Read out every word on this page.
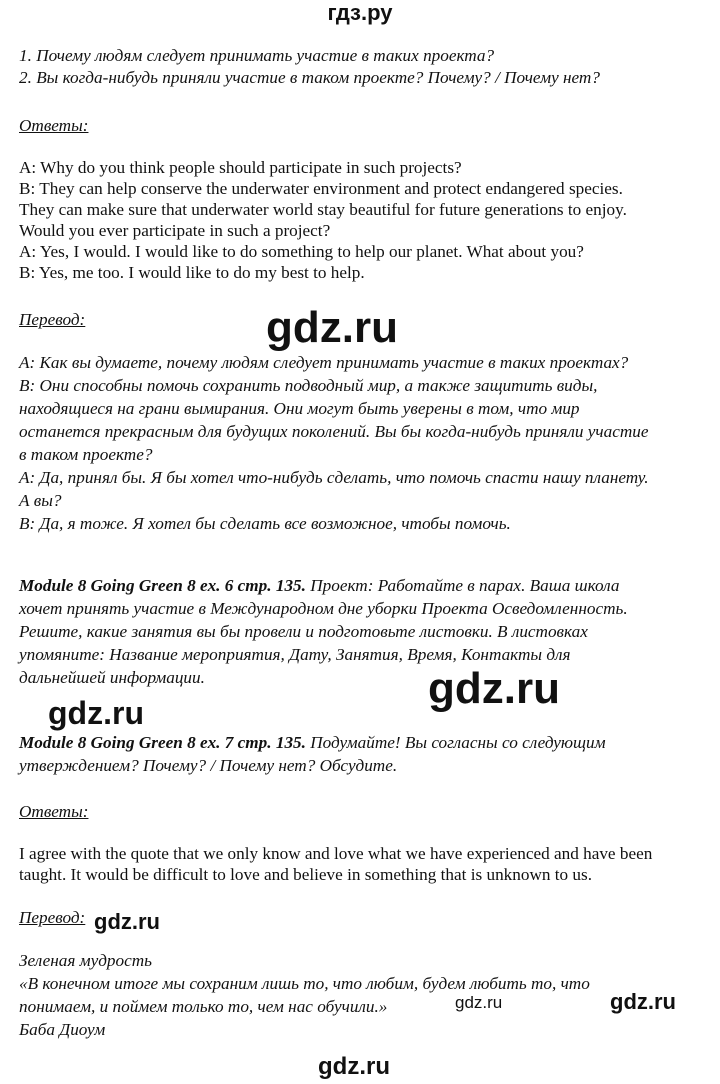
гдз.ру
1. Почему людям следует принимать участие в таких проекта?
2. Вы когда-нибудь приняли участие в таком проекте? Почему? / Почему нет?
Ответы:
A: Why do you think people should participate in such projects?
B: They can help conserve the underwater environment and protect endangered species.
They can make sure that underwater world stay beautiful for future generations to enjoy.
Would you ever participate in such a project?
A: Yes, I would. I would like to do something to help our planet. What about you?
B: Yes, me too. I would like to do my best to help.
Перевод:
А: Как вы думаете, почему людям следует принимать участие в таких проектах?
В: Они способны помочь сохранить подводный мир, а также защитить виды,
находящиеся на грани вымирания. Они могут быть уверены в том, что мир
останется прекрасным для будущих поколений. Вы бы когда-нибудь приняли участие
в таком проекте?
А: Да, принял бы. Я бы хотел что-нибудь сделать, что помочь спасти нашу планету.
А вы?
В: Да, я тоже. Я хотел бы сделать все возможное, чтобы помочь.
Module 8 Going Green 8 ex. 6 стр. 135. Проект: Работайте в парах. Ваша школа
хочет принять участие в Международном дне уборки Проекта Осведомленность.
Решите, какие занятия вы бы провели и подготовьте листовки. В листовках
упомяните: Название мероприятия, Дату, Занятия, Время, Контакты для
дальнейшей информации.
Module 8 Going Green 8 ex. 7 стр. 135. Подумайте! Вы согласны со следующим
утверждением? Почему? / Почему нет? Обсудите.
Ответы:
I agree with the quote that we only know and love what we have experienced and have been
taught. It would be difficult to love and believe in something that is unknown to us.
Перевод:
Зеленая мудрость
«В конечном итоге мы сохраним лишь то, что любим, будем любить то, что
понимаем, и поймем только то, чем нас обучили.»
Баба Диоум
gdz.ru
gdz.ru
gdz.ru
gdz.ru
gdz.ru	gdz.ru
gdz.ru
